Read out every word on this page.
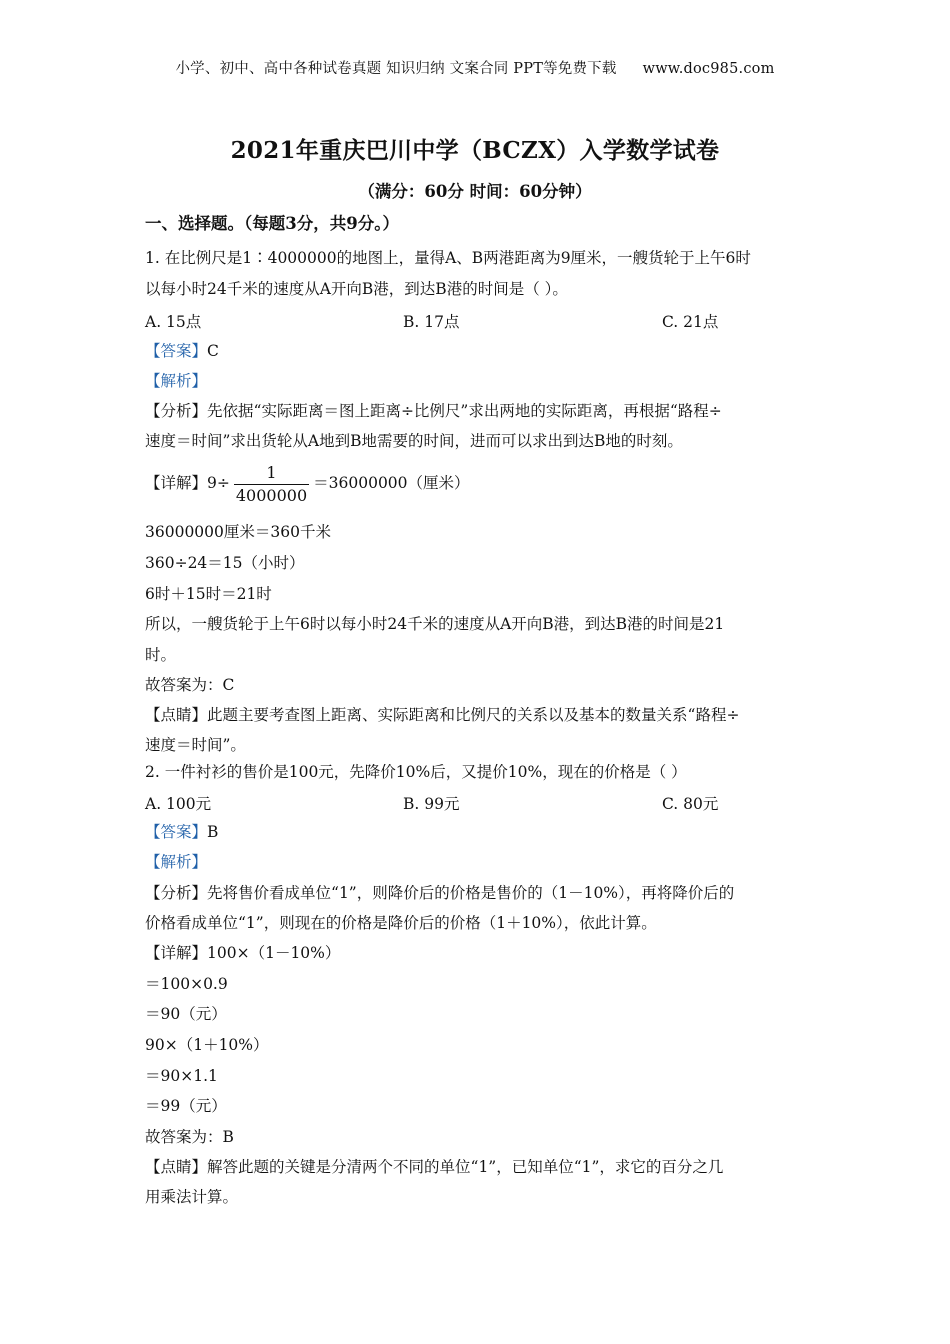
小学、初中、高中各种试卷真题 知识归纳 文案合同 PPT等免费下载 www.doc985.com
2021年重庆巴川中学（BCZX）入学数学试卷
（满分：60分 时间：60分钟）
一、选择题。（每题3分，共9分。）
1. 在比例尺是1∶4000000的地图上，量得A、B两港距离为9厘米，一艘货轮于上午6时
以每小时24千米的速度从A开向B港，到达B港的时间是（ ）。
A. 15点	B. 17点	C. 21点
【答案】C
【解析】
【分析】先依据“实际距离＝图上距离÷比例尺”求出两地的实际距离，再根据“路程÷
速度＝时间”求出货轮从A地到B地需要的时间，进而可以求出到达B地的时刻。
【详解】$9\div \frac{1}{4000000} =36000000$（厘米）
36000000厘米＝360千米
360÷24＝15（小时）
6时＋15时＝21时
所以，一艘货轮于上午6时以每小时24千米的速度从A开向B港，到达B港的时间是21
时。
故答案为：C
【点睛】此题主要考查图上距离、实际距离和比例尺的关系以及基本的数量关系“路程÷
速度＝时间”。
2. 一件衬衫的售价是100元，先降价10%后，又提价10%，现在的价格是（ ）
A. 100元	B. 99元	C. 80元
【答案】B
【解析】
【分析】先将售价看成单位“1”，则降价后的价格是售价的（1－10%），再将降价后的
价格看成单位“1”，则现在的价格是降价后的价格（1＋10%），依此计算。
【详解】100×（1－10%）
＝100×0.9
＝90（元）
90×（1＋10%）
＝90×1.1
＝99（元）
故答案为：B
【点睛】解答此题的关键是分清两个不同的单位“1”，已知单位“1”，求它的百分之几
用乘法计算。
